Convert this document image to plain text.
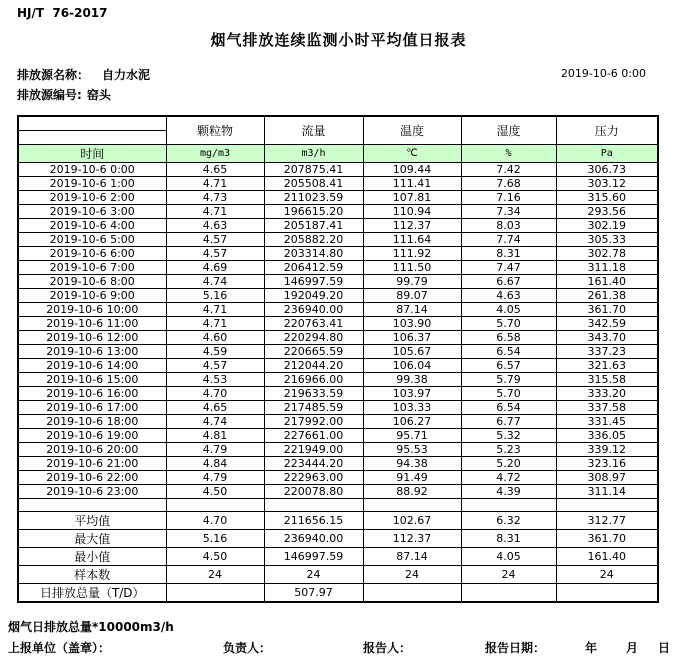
HJ/T  76-2017
烟气排放连续监测小时平均值日报表
排放源名称： 自力水泥	2019-10-6 0:00
排放源编号: 窑头
	颗粒物	流量	温度	湿度	压力

时间	mg/m3	m3/h	℃	%	Pa
2019-10-6 0:00	4.65	207875.41	109.44	7.42	306.73
2019-10-6 1:00	4.71	205508.41	111.41	7.68	303.12
2019-10-6 2:00	4.73	211023.59	107.81	7.16	315.60
2019-10-6 3:00	4.71	196615.20	110.94	7.34	293.56
2019-10-6 4:00	4.63	205187.41	112.37	8.03	302.19
2019-10-6 5:00	4.57	205882.20	111.64	7.74	305.33
2019-10-6 6:00	4.57	203314.80	111.92	8.31	302.78
2019-10-6 7:00	4.69	206412.59	111.50	7.47	311.18
2019-10-6 8:00	4.74	146997.59	99.79	6.67	161.40
2019-10-6 9:00	5.16	192049.20	89.07	4.63	261.38
2019-10-6 10:00	4.71	236940.00	87.14	4.05	361.70
2019-10-6 11:00	4.71	220763.41	103.90	5.70	342.59
2019-10-6 12:00	4.60	220294.80	106.37	6.58	343.70
2019-10-6 13:00	4.59	220665.59	105.67	6.54	337.23
2019-10-6 14:00	4.57	212044.20	106.04	6.57	321.63
2019-10-6 15:00	4.53	216966.00	99.38	5.79	315.58
2019-10-6 16:00	4.70	219633.59	103.97	5.70	333.20
2019-10-6 17:00	4.65	217485.59	103.33	6.54	337.58
2019-10-6 18:00	4.74	217992.00	106.27	6.77	331.45
2019-10-6 19:00	4.81	227661.00	95.71	5.32	336.05
2019-10-6 20:00	4.79	221949.00	95.53	5.23	339.12
2019-10-6 21:00	4.84	223444.20	94.38	5.20	323.16
2019-10-6 22:00	4.79	222963.00	91.49	4.72	308.97
2019-10-6 23:00	4.50	220078.80	88.92	4.39	311.14

平均值	4.70	211656.15	102.67	6.32	312.77
最大值	5.16	236940.00	112.37	8.31	361.70
最小值	4.50	146997.59	87.14	4.05	161.40
样本数	24	24	24	24	24
日排放总量（T/D）		507.97			
烟气日排放总量*10000m3/h
上报单位（盖章）：	负责人：	报告人：	报告日期：	年 月 日
